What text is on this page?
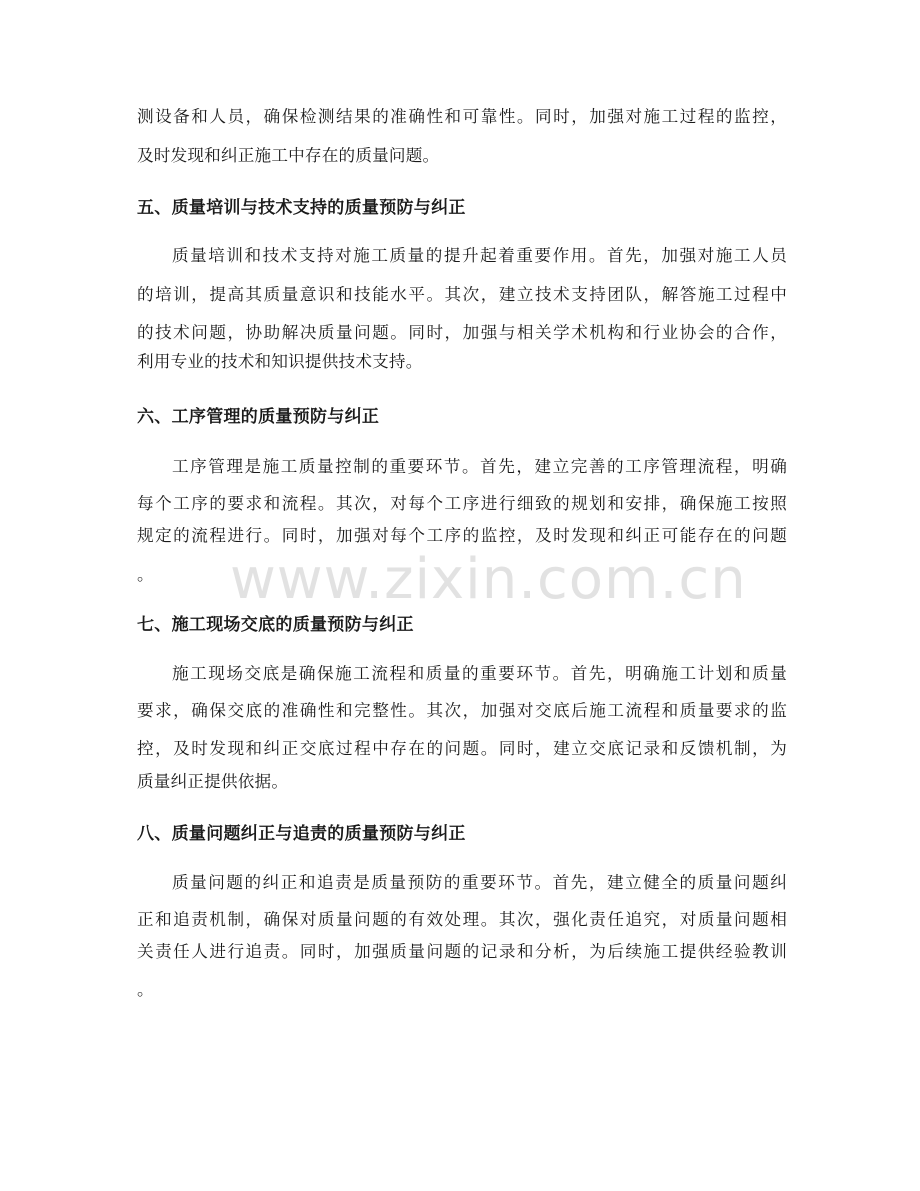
www.zixin.com.cn
测设备和人员，确保检测结果的准确性和可靠性。同时，加强对施工过程的监控，
及时发现和纠正施工中存在的质量问题。
五、质量培训与技术支持的质量预防与纠正
质量培训和技术支持对施工质量的提升起着重要作用。首先，加强对施工人员
的培训，提高其质量意识和技能水平。其次，建立技术支持团队，解答施工过程中
的技术问题，协助解决质量问题。同时，加强与相关学术机构和行业协会的合作，
利用专业的技术和知识提供技术支持。
六、工序管理的质量预防与纠正
工序管理是施工质量控制的重要环节。首先，建立完善的工序管理流程，明确
每个工序的要求和流程。其次，对每个工序进行细致的规划和安排，确保施工按照
规定的流程进行。同时，加强对每个工序的监控，及时发现和纠正可能存在的问题
。
七、施工现场交底的质量预防与纠正
施工现场交底是确保施工流程和质量的重要环节。首先，明确施工计划和质量
要求，确保交底的准确性和完整性。其次，加强对交底后施工流程和质量要求的监
控，及时发现和纠正交底过程中存在的问题。同时，建立交底记录和反馈机制，为
质量纠正提供依据。
八、质量问题纠正与追责的质量预防与纠正
质量问题的纠正和追责是质量预防的重要环节。首先，建立健全的质量问题纠
正和追责机制，确保对质量问题的有效处理。其次，强化责任追究，对质量问题相
关责任人进行追责。同时，加强质量问题的记录和分析，为后续施工提供经验教训
。
